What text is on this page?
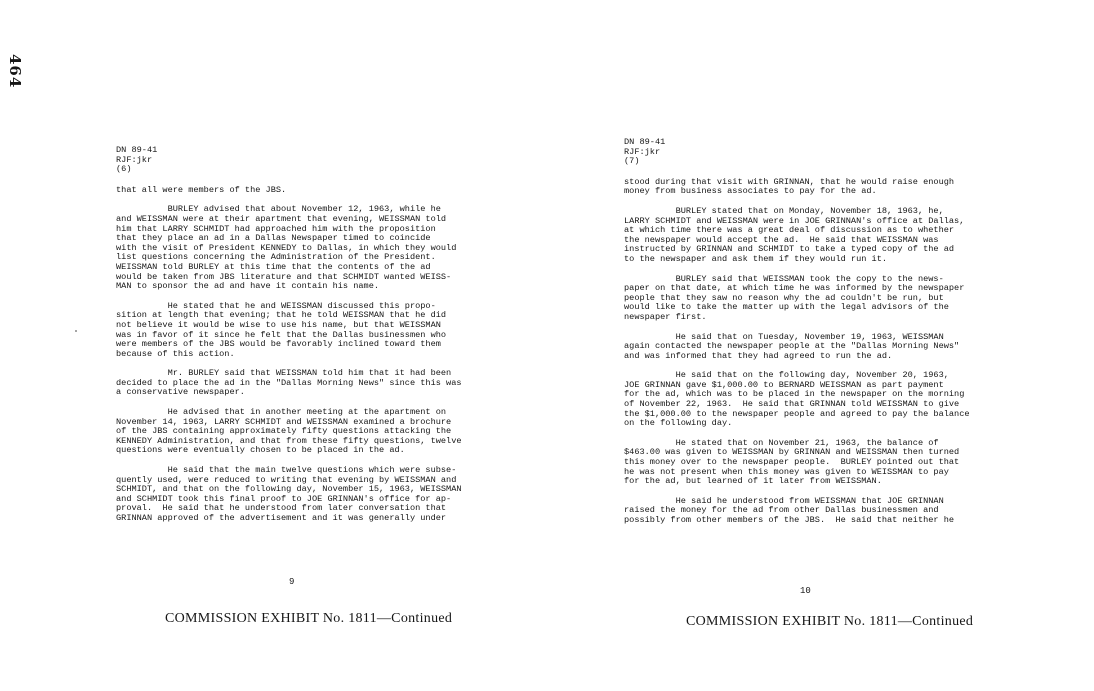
464
DN 89-41
RJF:jkr
(6)
that all were members of the JBS.
BURLEY advised that about November 12, 1963, while he
and WEISSMAN were at their apartment that evening, WEISSMAN told
him that LARRY SCHMIDT had approached him with the proposition
that they place an ad in a Dallas Newspaper timed to coincide
with the visit of President KENNEDY to Dallas, in which they would
list questions concerning the Administration of the President.
WEISSMAN told BURLEY at this time that the contents of the ad
would be taken from JBS literature and that SCHMIDT wanted WEISS-
MAN to sponsor the ad and have it contain his name.
He stated that he and WEISSMAN discussed this propo-
sition at length that evening; that he told WEISSMAN that he did
not believe it would be wise to use his name, but that WEISSMAN
was in favor of it since he felt that the Dallas businessmen who
were members of the JBS would be favorably inclined toward them
because of this action.
Mr. BURLEY said that WEISSMAN told him that it had been
decided to place the ad in the "Dallas Morning News" since this was
a conservative newspaper.
He advised that in another meeting at the apartment on
November 14, 1963, LARRY SCHMIDT and WEISSMAN examined a brochure
of the JBS containing approximately fifty questions attacking the
KENNEDY Administration, and that from these fifty questions, twelve
questions were eventually chosen to be placed in the ad.
He said that the main twelve questions which were subse-
quently used, were reduced to writing that evening by WEISSMAN and
SCHMIDT, and that on the following day, November 15, 1963, WEISSMAN
and SCHMIDT took this final proof to JOE GRINNAN's office for ap-
proval.  He said that he understood from later conversation that
GRINNAN approved of the advertisement and it was generally under
9
COMMISSION EXHIBIT No. 1811—Continued
DN 89-41
RJF:jkr
(7)
stood during that visit with GRINNAN, that he would raise enough
money from business associates to pay for the ad.
BURLEY stated that on Monday, November 18, 1963, he,
LARRY SCHMIDT and WEISSMAN were in JOE GRINNAN's office at Dallas,
at which time there was a great deal of discussion as to whether
the newspaper would accept the ad.  He said that WEISSMAN was
instructed by GRINNAN and SCHMIDT to take a typed copy of the ad
to the newspaper and ask them if they would run it.
BURLEY said that WEISSMAN took the copy to the news-
paper on that date, at which time he was informed by the newspaper
people that they saw no reason why the ad couldn't be run, but
would like to take the matter up with the legal advisors of the
newspaper first.
He said that on Tuesday, November 19, 1963, WEISSMAN
again contacted the newspaper people at the "Dallas Morning News"
and was informed that they had agreed to run the ad.
He said that on the following day, November 20, 1963,
JOE GRINNAN gave $1,000.00 to BERNARD WEISSMAN as part payment
for the ad, which was to be placed in the newspaper on the morning
of November 22, 1963.  He said that GRINNAN told WEISSMAN to give
the $1,000.00 to the newspaper people and agreed to pay the balance
on the following day.
He stated that on November 21, 1963, the balance of
$463.00 was given to WEISSMAN by GRINNAN and WEISSMAN then turned
this money over to the newspaper people.  BURLEY pointed out that
he was not present when this money was given to WEISSMAN to pay
for the ad, but learned of it later from WEISSMAN.
He said he understood from WEISSMAN that JOE GRINNAN
raised the money for the ad from other Dallas businessmen and
possibly from other members of the JBS.  He said that neither he
10
COMMISSION EXHIBIT No. 1811—Continued
